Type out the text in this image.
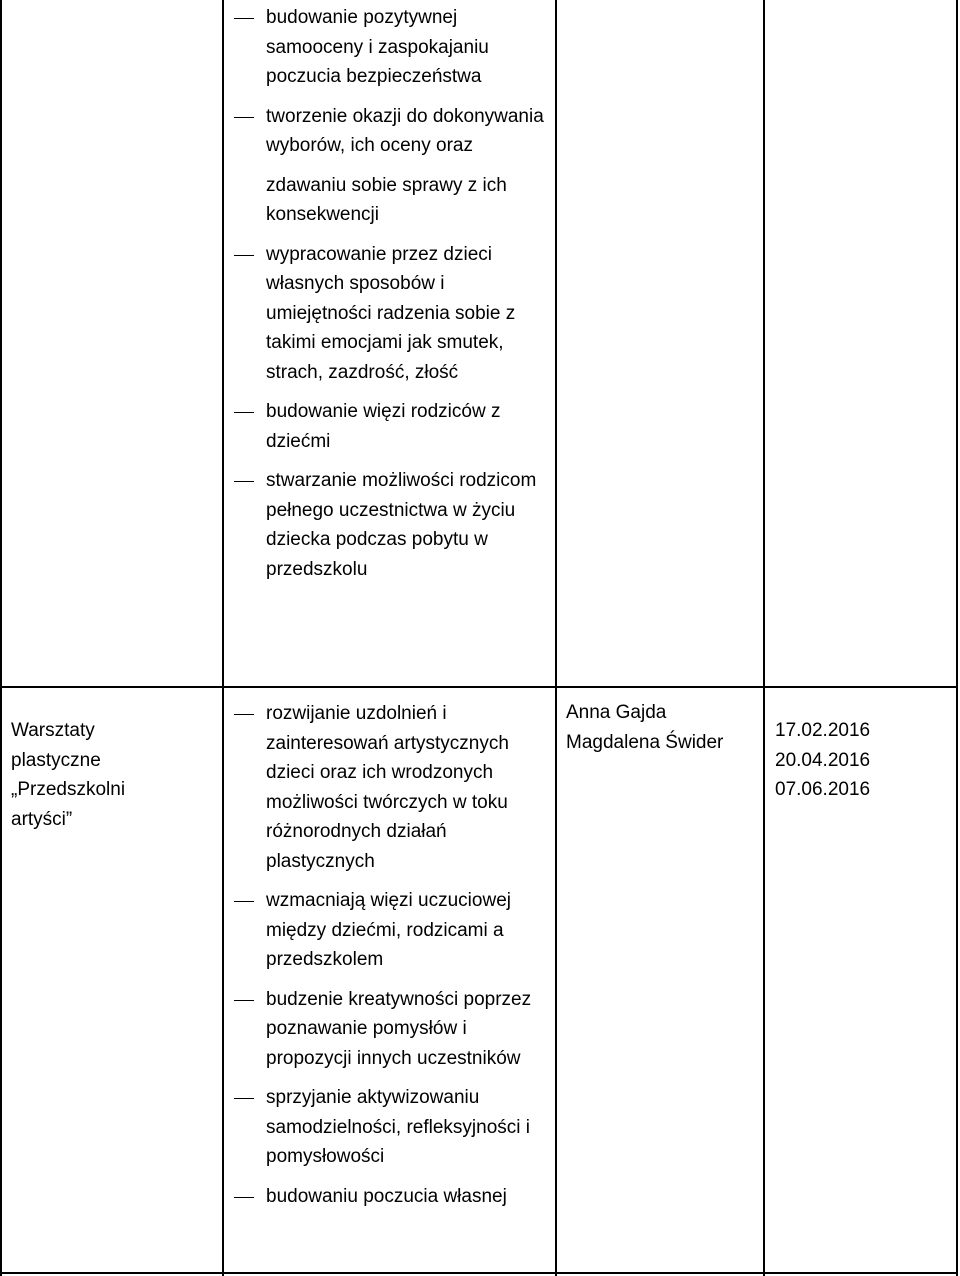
budowanie pozytywnej samooceny i zaspokajaniu poczucia bezpieczeństwa
tworzenie okazji do dokonywania wyborów, ich oceny oraz
zdawaniu sobie sprawy z ich konsekwencji
wypracowanie przez dzieci własnych sposobów i umiejętności radzenia sobie z takimi emocjami jak smutek, strach, zazdrość, złość
budowanie więzi rodziców z dziećmi
stwarzanie możliwości rodzicom pełnego uczestnictwa w życiu dziecka podczas pobytu w przedszkolu
Warsztaty
plastyczne
„Przedszkolni
artyści”
rozwijanie uzdolnień i zainteresowań artystycznych dzieci oraz ich wrodzonych możliwości twórczych w toku różnorodnych działań plastycznych
wzmacniają więzi uczuciowej między dziećmi, rodzicami a przedszkolem
budzenie kreatywności poprzez poznawanie pomysłów i propozycji innych uczestników
sprzyjanie aktywizowaniu samodzielności, refleksyjności i pomysłowości
budowaniu poczucia własnej
Anna Gajda
Magdalena Świder
17.02.2016
20.04.2016
07.06.2016
